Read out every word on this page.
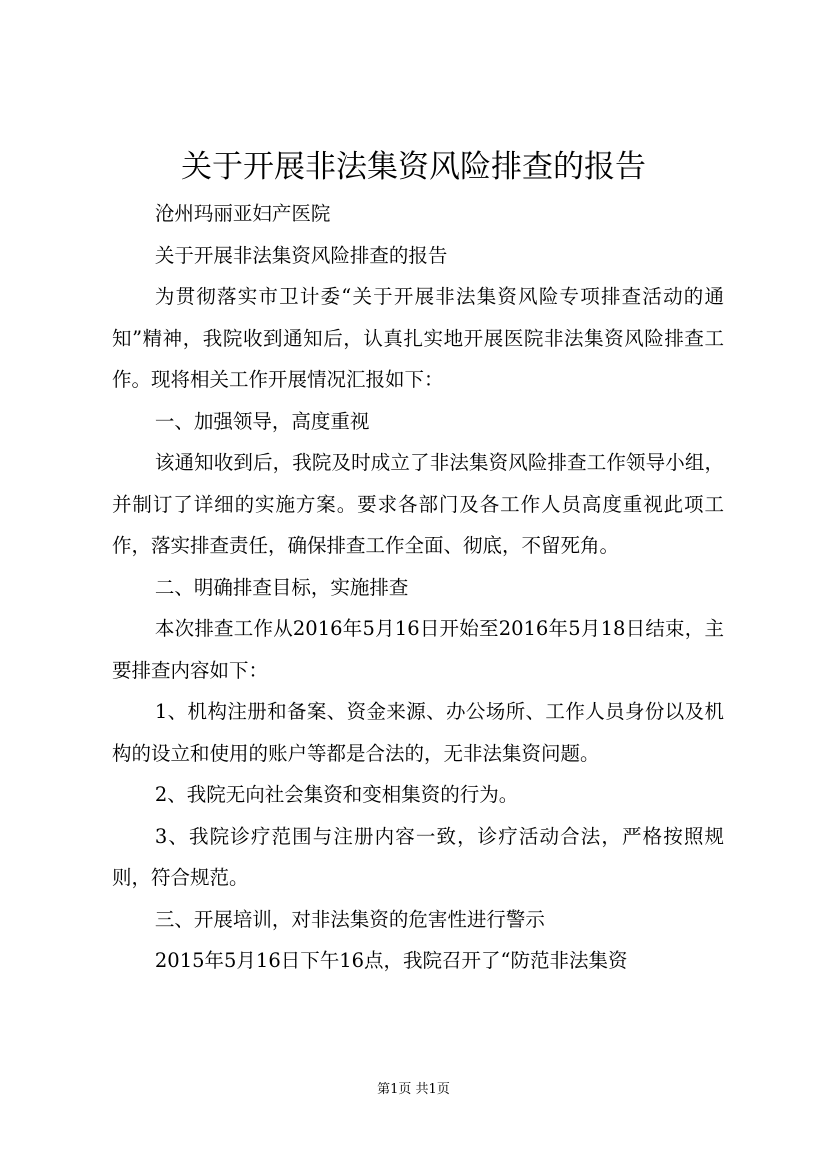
关于开展非法集资风险排查的报告

沧州玛丽亚妇产医院

关于开展非法集资风险排查的报告

为贯彻落实市卫计委“关于开展非法集资风险专项排查活动的通知”精神，我院收到通知后，认真扎实地开展医院非法集资风险排查工作。现将相关工作开展情况汇报如下：

一、加强领导，高度重视

该通知收到后，我院及时成立了非法集资风险排查工作领导小组，并制订了详细的实施方案。要求各部门及各工作人员高度重视此项工作，落实排查责任，确保排查工作全面、彻底，不留死角。

二、明确排查目标，实施排查

本次排查工作从2016年5月16日开始至2016年5月18日结束，主要排查内容如下：

1、机构注册和备案、资金来源、办公场所、工作人员身份以及机构的设立和使用的账户等都是合法的，无非法集资问题。

2、我院无向社会集资和变相集资的行为。

3、我院诊疗范围与注册内容一致，诊疗活动合法，严格按照规则，符合规范。

三、开展培训，对非法集资的危害性进行警示

2015年5月16日下午16点，我院召开了“防范非法集资

第1页 共1页
